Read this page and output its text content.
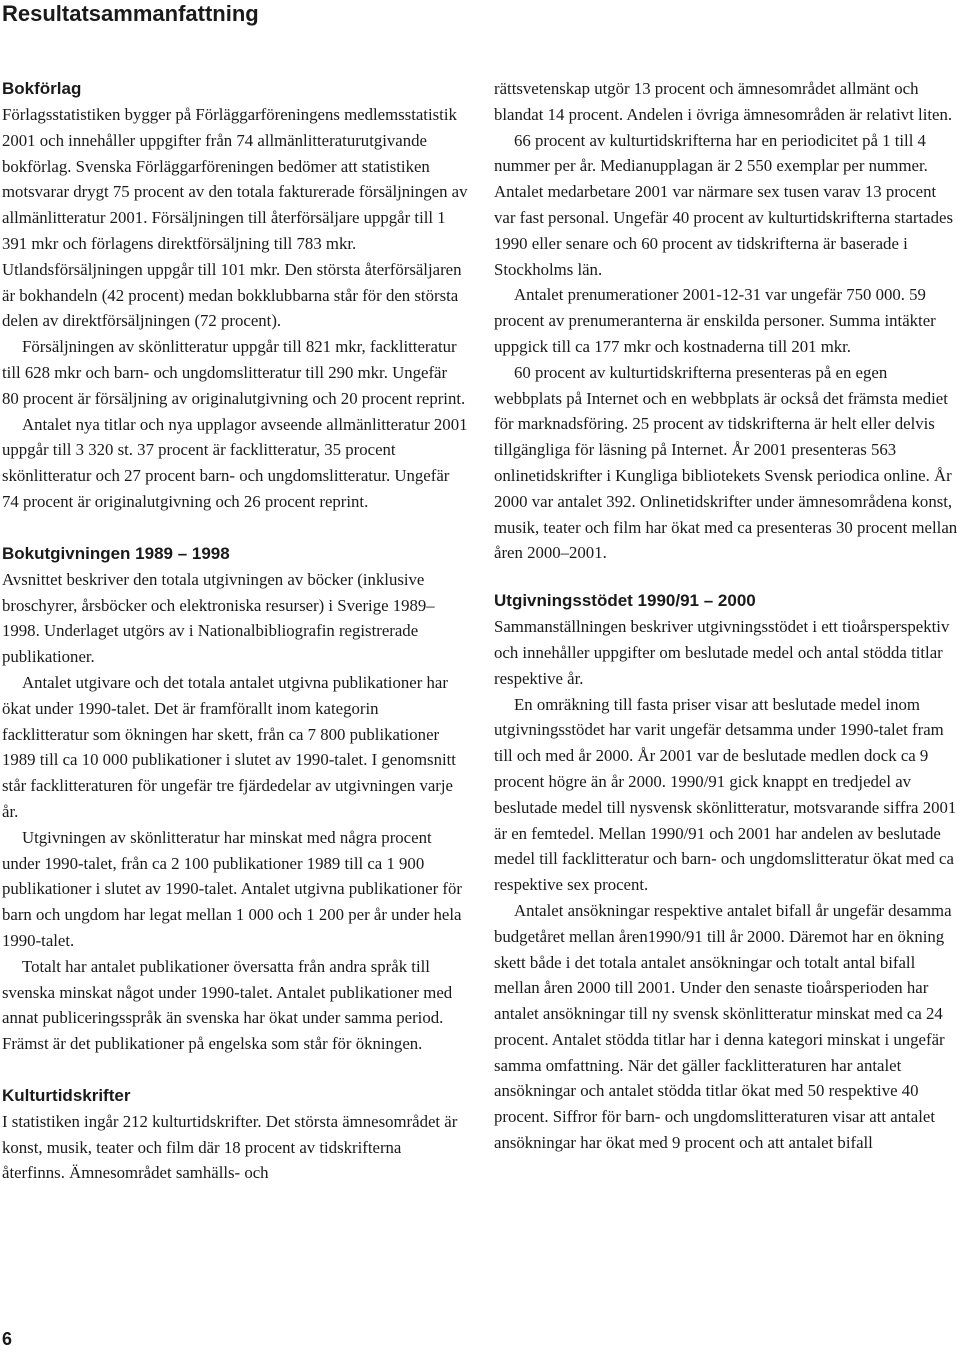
Resultatsammanfattning
Bokförlag

Förlagsstatistiken bygger på Förläggarföreningens medlemsstatistik 2001 och innehåller uppgifter från 74 allmänlitteraturutgivande bokförlag. Svenska Förläggarföreningen bedömer att statistiken motsvarar drygt 75 procent av den totala fakturerade försäljningen av allmänlitteratur 2001. Försäljningen till återförsäljare uppgår till 1 391 mkr och förlagens direktförsäljning till 783 mkr. Utlandsförsäljningen uppgår till 101 mkr. Den största återförsäljaren är bokhandeln (42 procent) medan bokklubbarna står för den största delen av direktförsäljningen (72 procent).

Försäljningen av skönlitteratur uppgår till 821 mkr, facklitteratur till 628 mkr och barn- och ungdomslitteratur till 290 mkr. Ungefär 80 procent är försäljning av originalutgivning och 20 procent reprint.

Antalet nya titlar och nya upplagor avseende allmänlitteratur 2001 uppgår till 3 320 st. 37 procent är facklitteratur, 35 procent skönlitteratur och 27 procent barn- och ungdomslitteratur. Ungefär 74 procent är originalutgivning och 26 procent reprint.

Bokutgivningen 1989 – 1998

Avsnittet beskriver den totala utgivningen av böcker (inklusive broschyrer, årsböcker och elektroniska resurser) i Sverige 1989–1998. Underlaget utgörs av i Nationalbibliografin registrerade publikationer.

Antalet utgivare och det totala antalet utgivna publikationer har ökat under 1990-talet. Det är framförallt inom kategorin facklitteratur som ökningen har skett, från ca 7 800 publikationer 1989 till ca 10 000 publikationer i slutet av 1990-talet. I genomsnitt står facklitteraturen för ungefär tre fjärdedelar av utgivningen varje år.

Utgivningen av skönlitteratur har minskat med några procent under 1990-talet, från ca 2 100 publikationer 1989 till ca 1 900 publikationer i slutet av 1990-talet. Antalet utgivna publikationer för barn och ungdom har legat mellan 1 000 och 1 200 per år under hela 1990-talet.

Totalt har antalet publikationer översatta från andra språk till svenska minskat något under 1990-talet. Antalet publikationer med annat publiceringsspråk än svenska har ökat under samma period. Främst är det publikationer på engelska som står för ökningen.

Kulturtidskrifter

I statistiken ingår 212 kulturtidskrifter. Det största ämnesområdet är konst, musik, teater och film där 18 procent av tidskrifterna återfinns. Ämnesområdet samhälls- och

rättsvetenskap utgör 13 procent och ämnesområdet allmänt och blandat 14 procent. Andelen i övriga ämnesområden är relativt liten.

66 procent av kulturtidskrifterna har en periodicitet på 1 till 4 nummer per år. Medianupplagan är 2 550 exemplar per nummer. Antalet medarbetare 2001 var närmare sex tusen varav 13 procent var fast personal. Ungefär 40 procent av kulturtidskrifterna startades 1990 eller senare och 60 procent av tidskrifterna är baserade i Stockholms län.

Antalet prenumerationer 2001-12-31 var ungefär 750 000. 59 procent av prenumeranterna är enskilda personer. Summa intäkter uppgick till ca 177 mkr och kostnaderna till 201 mkr.

60 procent av kulturtidskrifterna presenteras på en egen webbplats på Internet och en webbplats är också det främsta mediet för marknadsföring. 25 procent av tidskrifterna är helt eller delvis tillgängliga för läsning på Internet. År 2001 presenteras 563 onlinetidskrifter i Kungliga bibliotekets Svensk periodica online. År 2000 var antalet 392. Onlinetidskrifter under ämnesområdena konst, musik, teater och film har ökat med ca presenteras 30 procent mellan åren 2000–2001.

Utgivningsstödet 1990/91 – 2000

Sammanställningen beskriver utgivningsstödet i ett tioårsperspektiv och innehåller uppgifter om beslutade medel och antal stödda titlar respektive år.

En omräkning till fasta priser visar att beslutade medel inom utgivningsstödet har varit ungefär detsamma under 1990-talet fram till och med år 2000. År 2001 var de beslutade medlen dock ca 9 procent högre än år 2000. 1990/91 gick knappt en tredjedel av beslutade medel till nysvensk skönlitteratur, motsvarande siffra 2001 är en femtedel. Mellan 1990/91 och 2001 har andelen av beslutade medel till facklitteratur och barn- och ungdomslitteratur ökat med ca respektive sex procent.

Antalet ansökningar respektive antalet bifall år ungefär desamma budgetåret mellan åren1990/91 till år 2000. Däremot har en ökning skett både i det totala antalet ansökningar och totalt antal bifall mellan åren 2000 till 2001. Under den senaste tioårsperioden har antalet ansökningar till ny svensk skönlitteratur minskat med ca 24 procent. Antalet stödda titlar har i denna kategori minskat i ungefär samma omfattning. När det gäller facklitteraturen har antalet ansökningar och antalet stödda titlar ökat med 50 respektive 40 procent. Siffror för barn- och ungdomslitteraturen visar att antalet ansökningar har ökat med 9 procent och att antalet bifall

6
